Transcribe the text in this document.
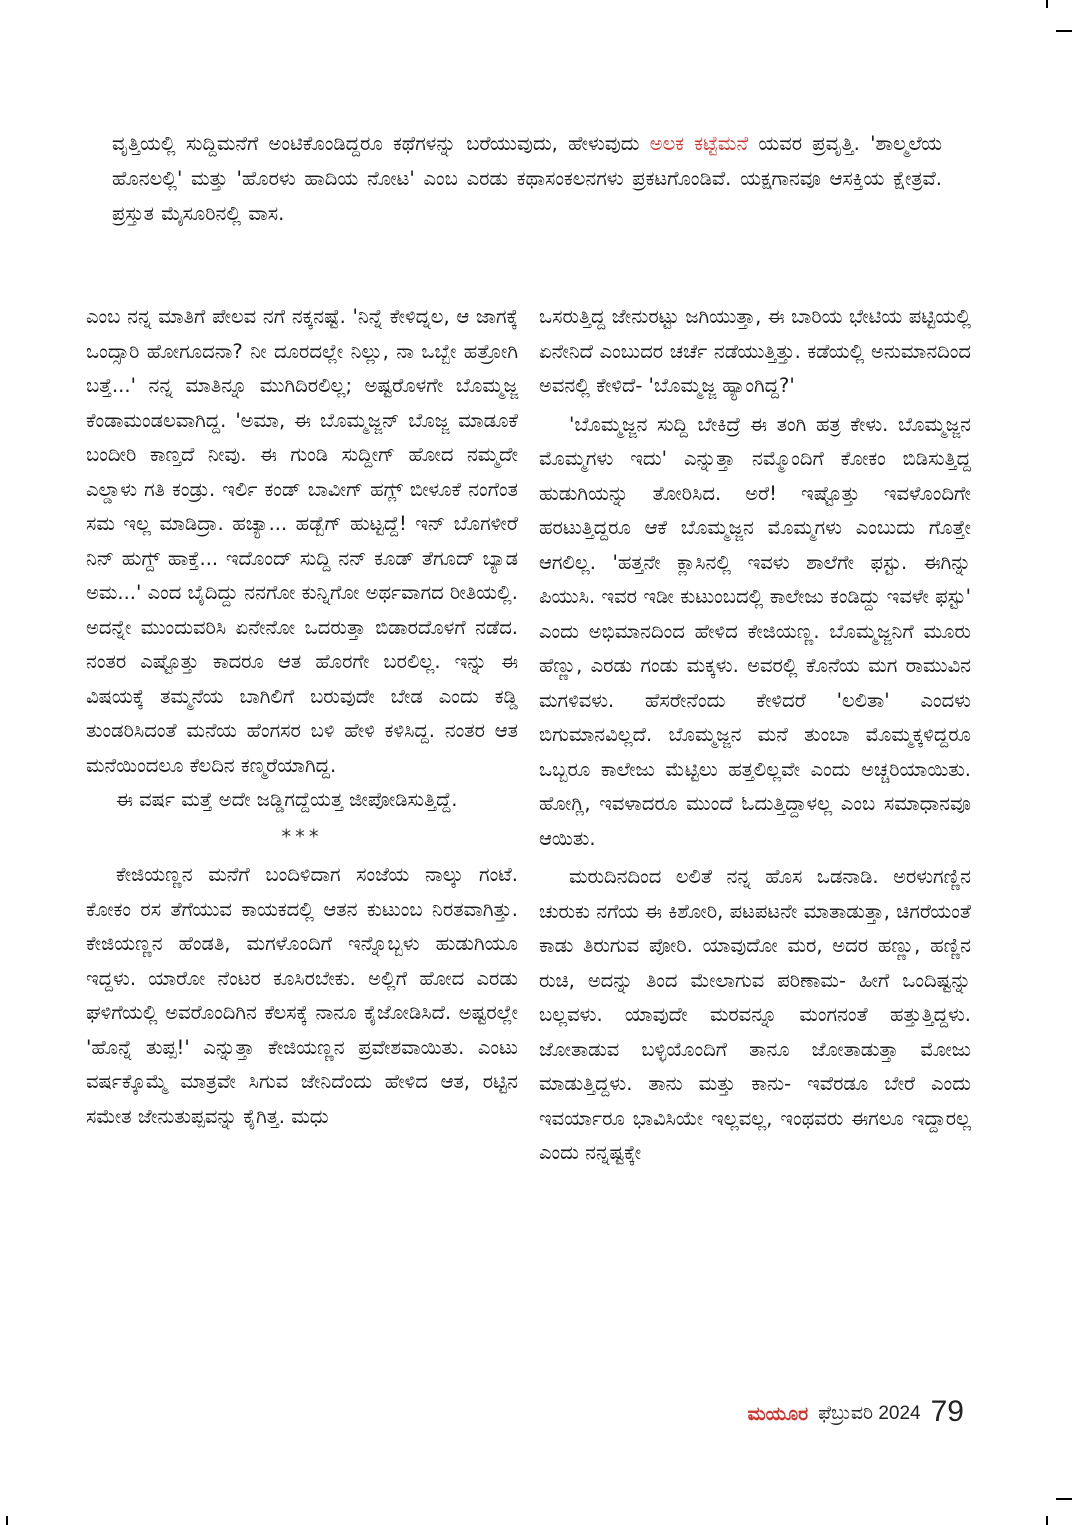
ವೃತ್ತಿಯಲ್ಲಿ ಸುದ್ದಿಮನೆಗೆ ಅಂಟಿಕೊಂಡಿದ್ದರೂ ಕಥೆಗಳನ್ನು ಬರೆಯುವುದು, ಹೇಳುವುದು ಅಲಕ ಕಟ್ಟೆಮನೆ ಯವರ ಪ್ರವೃತ್ತಿ. 'ಶಾಲ್ಮಲೆಯ ಹೊನಲಲ್ಲಿ' ಮತ್ತು 'ಹೊರಳು ಹಾದಿಯ ನೋಟ' ಎಂಬ ಎರಡು ಕಥಾಸಂಕಲನಗಳು ಪ್ರಕಟಗೊಂಡಿವೆ. ಯಕ್ಷಗಾನವೂ ಆಸಕ್ತಿಯ ಕ್ಷೇತ್ರವೆ. ಪ್ರಸ್ತುತ ಮೈಸೂರಿನಲ್ಲಿ ವಾಸ.

ಎಂಬ ನನ್ನ ಮಾತಿಗೆ ಪೇಲವ ನಗೆ ನಕ್ಕನಷ್ಟೆ. 'ನಿನ್ನೆ ಕೇಳಿದ್ನಲ, ಆ ಜಾಗಕ್ಕೆ ಒಂದ್ಸಾರಿ ಹೋಗೂದನಾ? ನೀ ದೂರದಲ್ಲೇ ನಿಲ್ಲು, ನಾ ಒಬ್ಬೇ ಹತ್ರೋಗಿ ಬತ್ತೆ...' ನನ್ನ ಮಾತಿನ್ನೂ ಮುಗಿದಿರಲಿಲ್ಲ; ಅಷ್ಟರೊಳಗೇ ಬೊಮ್ಮಜ್ಜ ಕೆಂಡಾಮಂಡಲವಾಗಿದ್ದ. 'ಅಮಾ, ಈ ಬೊಮ್ಮಜ್ಜನ್ ಬೊಜ್ಜ ಮಾಡೂಕೆ ಬಂದೀರಿ ಕಾಣ್ತದೆ ನೀವು. ಈ ಗುಂಡಿ ಸುದ್ದೀಗ್ ಹೋದ ನಮ್ಮದೇ ಎಲ್ಡಾಳು ಗತಿ ಕಂಡ್ರು. ಇರ್ಲಿ ಕಂಡ್ ಬಾವೀಗ್ ಹಗ್ಲ್ ಬೀಳೂಕೆ ನಂಗೆಂತ ಸಮ ಇಲ್ಲ ಮಾಡಿದ್ರಾ. ಹಚ್ಯಾ... ಹಡ್ಬೆಗ್ ಹುಟ್ಟದ್ದೆ! ಇನ್ ಬೊಗಳೀರೆ ನಿನ್ ಹುಗ್ದ್ ಹಾಕ್ತೆ... ಇದೊಂದ್ ಸುದ್ದಿ ನನ್ ಕೂಡ್ ತೆಗೂದ್ ಬ್ಯಾಡ ಅಮ...' ಎಂದ ಬೈದಿದ್ದು ನನಗೋ ಕುನ್ನಿಗೋ ಅರ್ಥವಾಗದ ರೀತಿಯಲ್ಲಿ. ಅದನ್ನೇ ಮುಂದುವರಿಸಿ ಏನೇನೋ ಒದರುತ್ತಾ ಬಿಡಾರದೊಳಗೆ ನಡೆದ. ನಂತರ ಎಷ್ಟೊತ್ತು ಕಾದರೂ ಆತ ಹೊರಗೇ ಬರಲಿಲ್ಲ. ಇನ್ನು ಈ ವಿಷಯಕ್ಕೆ ತಮ್ಮನೆಯ ಬಾಗಿಲಿಗೆ ಬರುವುದೇ ಬೇಡ ಎಂದು ಕಡ್ಡಿ ತುಂಡರಿಸಿದಂತೆ ಮನೆಯ ಹೆಂಗಸರ ಬಳಿ ಹೇಳಿ ಕಳಿಸಿದ್ದ. ನಂತರ ಆತ ಮನೆಯಿಂದಲೂ ಕೆಲದಿನ ಕಣ್ಮರೆಯಾಗಿದ್ದ.

ಈ ವರ್ಷ ಮತ್ತೆ ಅದೇ ಜಡ್ಡಿಗದ್ದೆಯತ್ತ ಜೀಪೋಡಿಸುತ್ತಿದ್ದೆ.

***

ಕೇಜಿಯಣ್ಣನ ಮನೆಗೆ ಬಂದಿಳಿದಾಗ ಸಂಜೆಯ ನಾಲ್ಕು ಗಂಟೆ. ಕೋಕಂ ರಸ ತೆಗೆಯುವ ಕಾಯಕದಲ್ಲಿ ಆತನ ಕುಟುಂಬ ನಿರತವಾಗಿತ್ತು. ಕೇಜಿಯಣ್ಣನ ಹೆಂಡತಿ, ಮಗಳೊಂದಿಗೆ ಇನ್ನೊಬ್ಬಳು ಹುಡುಗಿಯೂ ಇದ್ದಳು. ಯಾರೋ ನೆಂಟರ ಕೂಸಿರಬೇಕು. ಅಲ್ಲಿಗೆ ಹೋದ ಎರಡು ಘಳಿಗೆಯಲ್ಲಿ ಅವರೊಂದಿಗಿನ ಕೆಲಸಕ್ಕೆ ನಾನೂ ಕೈಜೋಡಿಸಿದೆ. ಅಷ್ಟರಲ್ಲೇ 'ಹೊನ್ನೆ ತುಪ್ಪ!' ಎನ್ನುತ್ತಾ ಕೇಜಿಯಣ್ಣನ ಪ್ರವೇಶವಾಯಿತು. ಎಂಟು ವರ್ಷಕ್ಕೊಮ್ಮೆ ಮಾತ್ರವೇ ಸಿಗುವ ಜೇನಿದೆಂದು ಹೇಳಿದ ಆತ, ರಟ್ಟಿನ ಸಮೇತ ಜೇನುತುಪ್ಪವನ್ನು ಕೈಗಿತ್ತ. ಮಧು

ಒಸರುತ್ತಿದ್ದ ಜೇನುರಟ್ಟು ಜಗಿಯುತ್ತಾ, ಈ ಬಾರಿಯ ಭೇಟಿಯ ಪಟ್ಟಿಯಲ್ಲಿ ಏನೇನಿದೆ ಎಂಬುದರ ಚರ್ಚೆ ನಡೆಯುತ್ತಿತ್ತು. ಕಡೆಯಲ್ಲಿ ಅನುಮಾನದಿಂದ ಅವನಲ್ಲಿ ಕೇಳಿದೆ- 'ಬೊಮ್ಮಜ್ಜ ಹ್ಯಾಂಗಿದ್ದ?'

'ಬೊಮ್ಮಜ್ಜನ ಸುದ್ದಿ ಬೇಕಿದ್ರೆ ಈ ತಂಗಿ ಹತ್ರ ಕೇಳು. ಬೊಮ್ಮಜ್ಜನ ಮೊಮ್ಮಗಳು ಇದು' ಎನ್ನುತ್ತಾ ನಮ್ಮೊಂದಿಗೆ ಕೋಕಂ ಬಿಡಿಸುತ್ತಿದ್ದ ಹುಡುಗಿಯನ್ನು ತೋರಿಸಿದ. ಅರೆ! ಇಷ್ಟೊತ್ತು ಇವಳೊಂದಿಗೇ ಹರಟುತ್ತಿದ್ದರೂ ಆಕೆ ಬೊಮ್ಮಜ್ಜನ ಮೊಮ್ಮಗಳು ಎಂಬುದು ಗೊತ್ತೇ ಆಗಲಿಲ್ಲ. 'ಹತ್ತನೇ ಕ್ಲಾಸಿನಲ್ಲಿ ಇವಳು ಶಾಲೆಗೇ ಫಸ್ಟು. ಈಗಿನ್ನು ಪಿಯುಸಿ. ಇವರ ಇಡೀ ಕುಟುಂಬದಲ್ಲಿ ಕಾಲೇಜು ಕಂಡಿದ್ದು ಇವಳೇ ಫಸ್ಟು' ಎಂದು ಅಭಿಮಾನದಿಂದ ಹೇಳಿದ ಕೇಜಿಯಣ್ಣ. ಬೊಮ್ಮಜ್ಜನಿಗೆ ಮೂರು ಹೆಣ್ಣು, ಎರಡು ಗಂಡು ಮಕ್ಕಳು. ಅವರಲ್ಲಿ ಕೊನೆಯ ಮಗ ರಾಮುವಿನ ಮಗಳಿವಳು. ಹೆಸರೇನೆಂದು ಕೇಳಿದರೆ 'ಲಲಿತಾ' ಎಂದಳು ಬಿಗುಮಾನವಿಲ್ಲದೆ. ಬೊಮ್ಮಜ್ಜನ ಮನೆ ತುಂಬಾ ಮೊಮ್ಮಕ್ಕಳಿದ್ದರೂ ಒಬ್ಬರೂ ಕಾಲೇಜು ಮೆಟ್ಟಿಲು ಹತ್ತಲಿಲ್ಲವೇ ಎಂದು ಅಚ್ಚರಿಯಾಯಿತು. ಹೋಗ್ಲಿ, ಇವಳಾದರೂ ಮುಂದೆ ಓದುತ್ತಿದ್ದಾಳಲ್ಲ ಎಂಬ ಸಮಾಧಾನವೂ ಆಯಿತು.

ಮರುದಿನದಿಂದ ಲಲಿತೆ ನನ್ನ ಹೊಸ ಒಡನಾಡಿ. ಅರಳುಗಣ್ಣಿನ ಚುರುಕು ನಗೆಯ ಈ ಕಿಶೋರಿ, ಪಟಪಟನೇ ಮಾತಾಡುತ್ತಾ, ಚಿಗರೆಯಂತೆ ಕಾಡು ತಿರುಗುವ ಪೋರಿ. ಯಾವುದೋ ಮರ, ಅದರ ಹಣ್ಣು, ಹಣ್ಣಿನ ರುಚಿ, ಅದನ್ನು ತಿಂದ ಮೇಲಾಗುವ ಪರಿಣಾಮ- ಹೀಗೆ ಒಂದಿಷ್ಟನ್ನು ಬಲ್ಲವಳು. ಯಾವುದೇ ಮರವನ್ನೂ ಮಂಗನಂತೆ ಹತ್ತುತ್ತಿದ್ದಳು. ಜೋತಾಡುವ ಬಳ್ಳಿಯೊಂದಿಗೆ ತಾನೂ ಜೋತಾಡುತ್ತಾ ಮೋಜು ಮಾಡುತ್ತಿದ್ದಳು. ತಾನು ಮತ್ತು ಕಾನು- ಇವೆರಡೂ ಬೇರೆ ಎಂದು ಇವರ್ಯಾರೂ ಭಾವಿಸಿಯೇ ಇಲ್ಲವಲ್ಲ, ಇಂಥವರು ಈಗಲೂ ಇದ್ದಾರಲ್ಲ ಎಂದು ನನ್ನಷ್ಟಕ್ಕೇ

ಮಯೂರ ಫೆಬ್ರುವರಿ 2024 79
